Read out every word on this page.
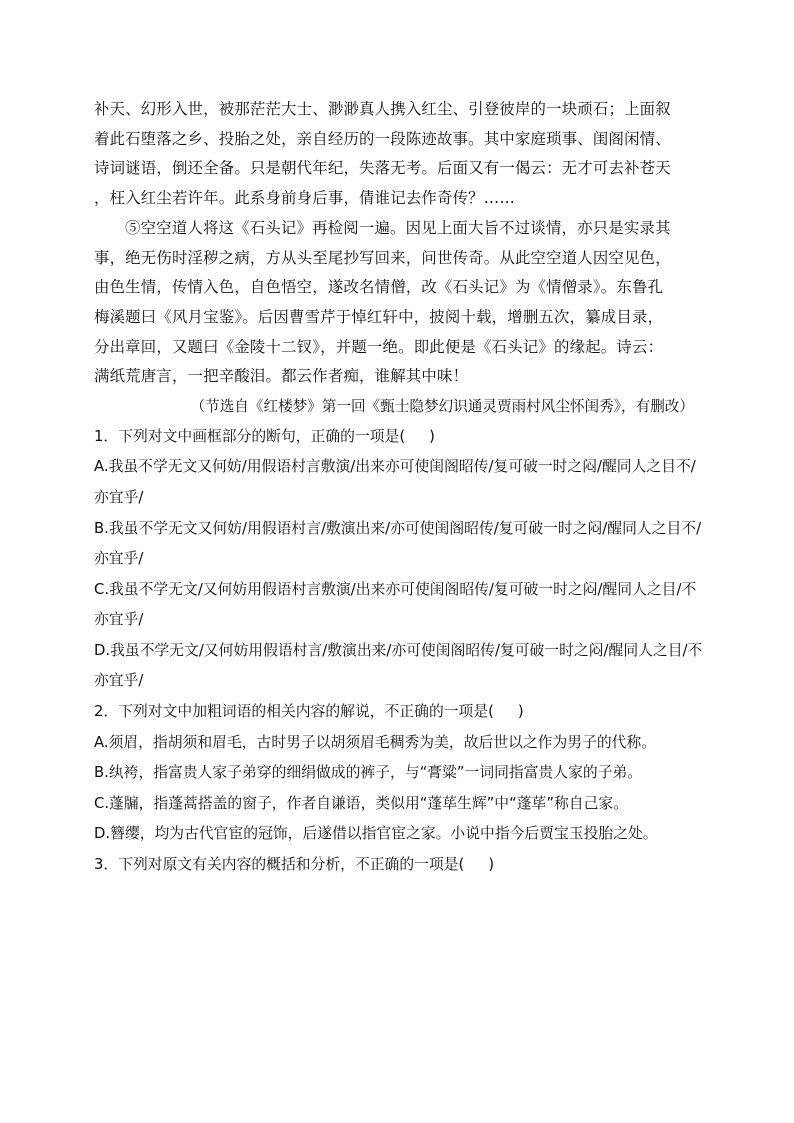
补天、幻形入世，被那茫茫大士、渺渺真人携入红尘、引登彼岸的一块顽石；上面叙
着此石堕落之乡、投胎之处，亲自经历的一段陈迹故事。其中家庭琐事、闺阁闲情、
诗词谜语，倒还全备。只是朝代年纪，失落无考。后面又有一偈云：无才可去补苍天
，枉入红尘若许年。此系身前身后事，倩谁记去作奇传？……

⑤空空道人将这《石头记》再检阅一遍。因见上面大旨不过谈情，亦只是实录其
事，绝无伤时淫秽之病，方从头至尾抄写回来，问世传奇。从此空空道人因空见色，
由色生情，传情入色，自色悟空，遂改名情僧，改《石头记》为《情僧录》。东鲁孔
梅溪题曰《风月宝鉴》。后因曹雪芹于悼红轩中，披阅十载，增删五次，纂成目录，
分出章回，又题曰《金陵十二钗》，并题一绝。即此便是《石头记》的缘起。诗云：
满纸荒唐言，一把辛酸泪。都云作者痴，谁解其中味！

（节选自《红楼梦》第一回《甄士隐梦幻识通灵贾雨村风尘怀闺秀》，有删改）

1．下列对文中画框部分的断句，正确的一项是( )

A.我虽不学无文又何妨/用假语村言敷演/出来亦可使闺阁昭传/复可破一时之闷/醒同人之目不/亦宜乎/

B.我虽不学无文又何妨/用假语村言/敷演出来/亦可使闺阁昭传/复可破一时之闷/醒同人之目不/亦宜乎/

C.我虽不学无文/又何妨用假语村言敷演/出来亦可使闺阁昭传/复可破一时之闷/醒同人之目/不亦宜乎/

D.我虽不学无文/又何妨用假语村言/敷演出来/亦可使闺阁昭传/复可破一时之闷/醒同人之目/不亦宜乎/

2．下列对文中加粗词语的相关内容的解说，不正确的一项是( )

A.须眉，指胡须和眉毛，古时男子以胡须眉毛稠秀为美，故后世以之作为男子的代称。

B.纨袴，指富贵人家子弟穿的细绢做成的裤子，与“膏粱”一词同指富贵人家的子弟。

C.蓬牖，指蓬蒿搭盖的窗子，作者自谦语，类似用“蓬荜生辉”中“蓬荜”称自己家。

D.簪缨，均为古代官宦的冠饰，后遂借以指官宦之家。小说中指今后贾宝玉投胎之处。

3．下列对原文有关内容的概括和分析，不正确的一项是( )
